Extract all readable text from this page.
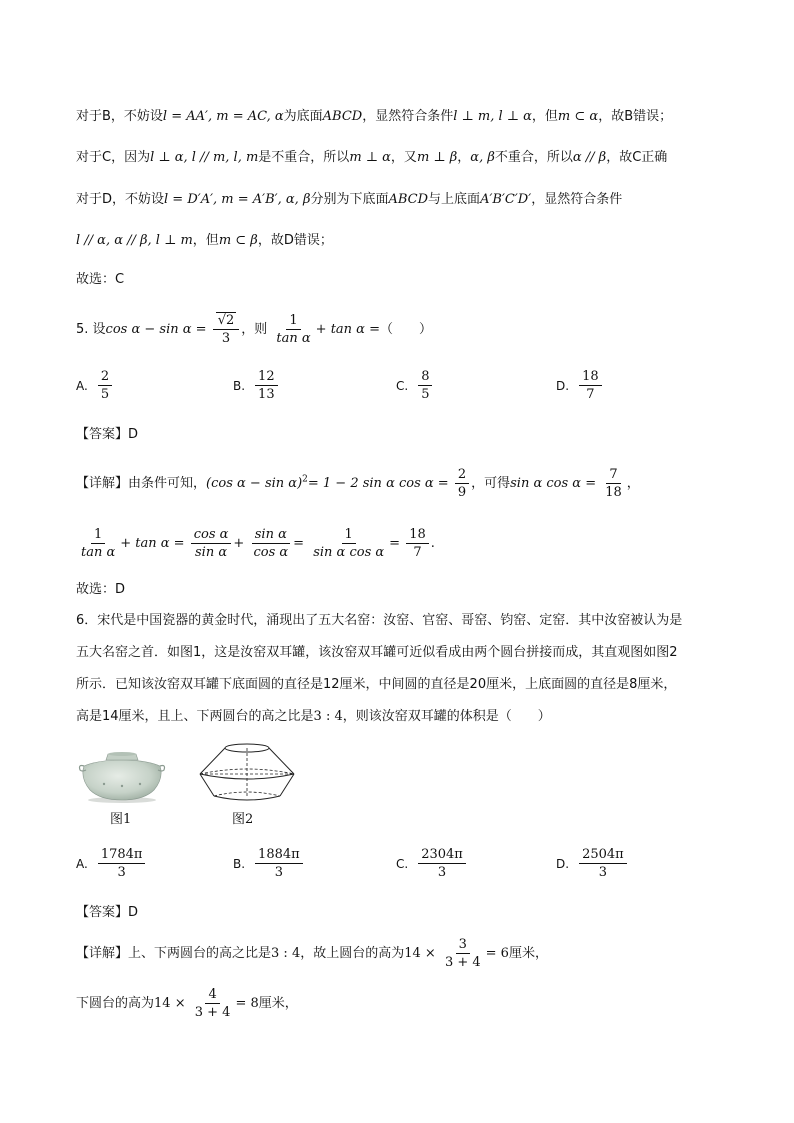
对于B，不妨设l = AA′, m = AC, α为底面ABCD，显然符合条件l ⊥ m, l ⊥ α，但m ⊂ α，故B错误；
对于C，因为l ⊥ α, l // m, l, m是不重合，所以m ⊥ α，又m ⊥ β，α, β不重合，所以α // β，故C正确
对于D，不妨设l = D′A′, m = A′B′, α, β分别为下底面ABCD与上底面A′B′C′D′，显然符合条件
l // α, α // β, l ⊥ m，但m ⊂ β，故D错误；
故选：C
5. 设$\cos \alpha - \sin \alpha = \frac{√2}{3}$ ，则 $\frac{1}{\text{tan α}} + \tan \alpha$ =（　　）
A. $\frac{2}{5}$	B. $\frac{12}{13}$	C. $\frac{8}{5}$	D. $\frac{18}{7}$
【答案】D
【详解】由条件可知，(cos α − sin α)$^2$= 1 − 2 sin α $\cos \alpha = \frac{2}{9}$ ，可得sin α $\cos \alpha = \frac{7}{18}$ ，
$\frac{1}{\text{tan α}} + \tan \alpha = \frac{\text{cos α}}{\text{sin α}} + \frac{\text{sin α}}{\text{cos α}} = \frac{1}{\text{sin α cos α}} = \frac{18}{7}$ .
故选：D
6．宋代是中国瓷器的黄金时代，涌现出了五大名窑：汝窑、官窑、哥窑、钧窑、定窑．其中汝窑被认为是
五大名窑之首．如图1，这是汝窑双耳罐，该汝窑双耳罐可近似看成由两个圆台拼接而成，其直观图如图2
所示．已知该汝窑双耳罐下底面圆的直径是12厘米，中间圆的直径是20厘米，上底面圆的直径是8厘米，
高是14厘米，且上、下两圆台的高之比是3 : 4，则该汝窑双耳罐的体积是（　　）
图1	图2
A. $\frac{1784\pi}{3}$	B. $\frac{1884\pi}{3}$	C. $\frac{2304\pi}{3}$	D. $\frac{2504\pi}{3}$
【答案】D
【详解】上、下两圆台的高之比是3 : 4，故上圆台的高为$14 \times \frac{3}{3 + 4} = 6$厘米，
下圆台的高为$14 \times \frac{4}{3 + 4} = 8$厘米，
